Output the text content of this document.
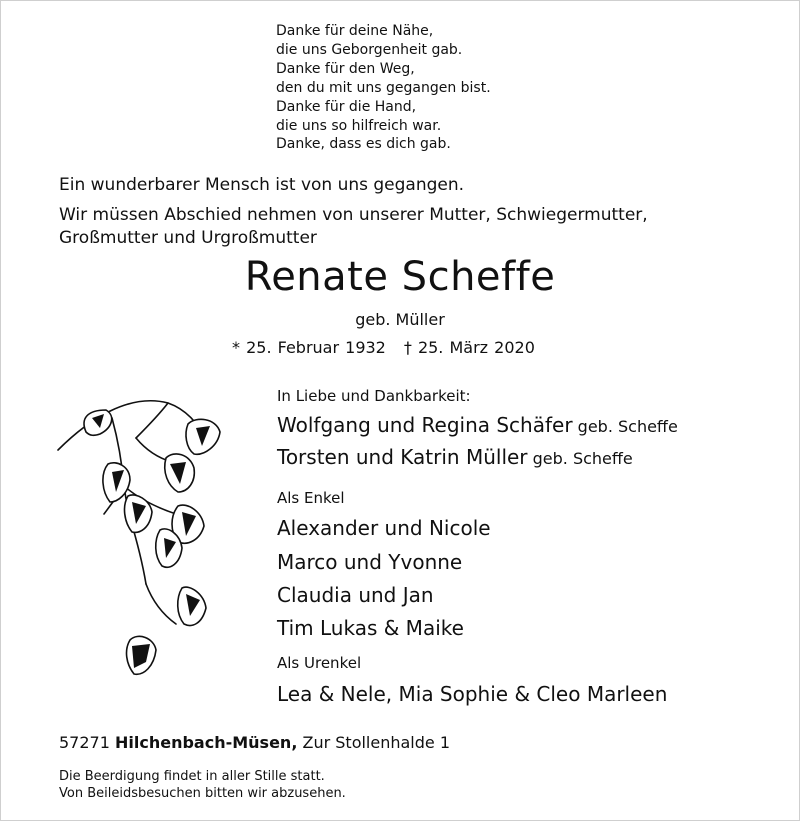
Danke für deine Nähe,
die uns Geborgenheit gab.
Danke für den Weg,
den du mit uns gegangen bist.
Danke für die Hand,
die uns so hilfreich war.
Danke, dass es dich gab.
Ein wunderbarer Mensch ist von uns gegangen.
Wir müssen Abschied nehmen von unserer Mutter, Schwiegermutter,
Großmutter und Urgroßmutter
Renate Scheffe
geb. Müller
* 25. Februar 1932 † 25. März 2020
In Liebe und Dankbarkeit:
Wolfgang und Regina Schäfer geb. Scheffe
Torsten und Katrin Müller geb. Scheffe
Als Enkel
Alexander und Nicole
Marco und Yvonne
Claudia und Jan
Tim Lukas & Maike
Als Urenkel
Lea & Nele, Mia Sophie & Cleo Marleen
57271 Hilchenbach-Müsen, Zur Stollenhalde 1
Die Beerdigung findet in aller Stille statt.
Von Beileidsbesuchen bitten wir abzusehen.
